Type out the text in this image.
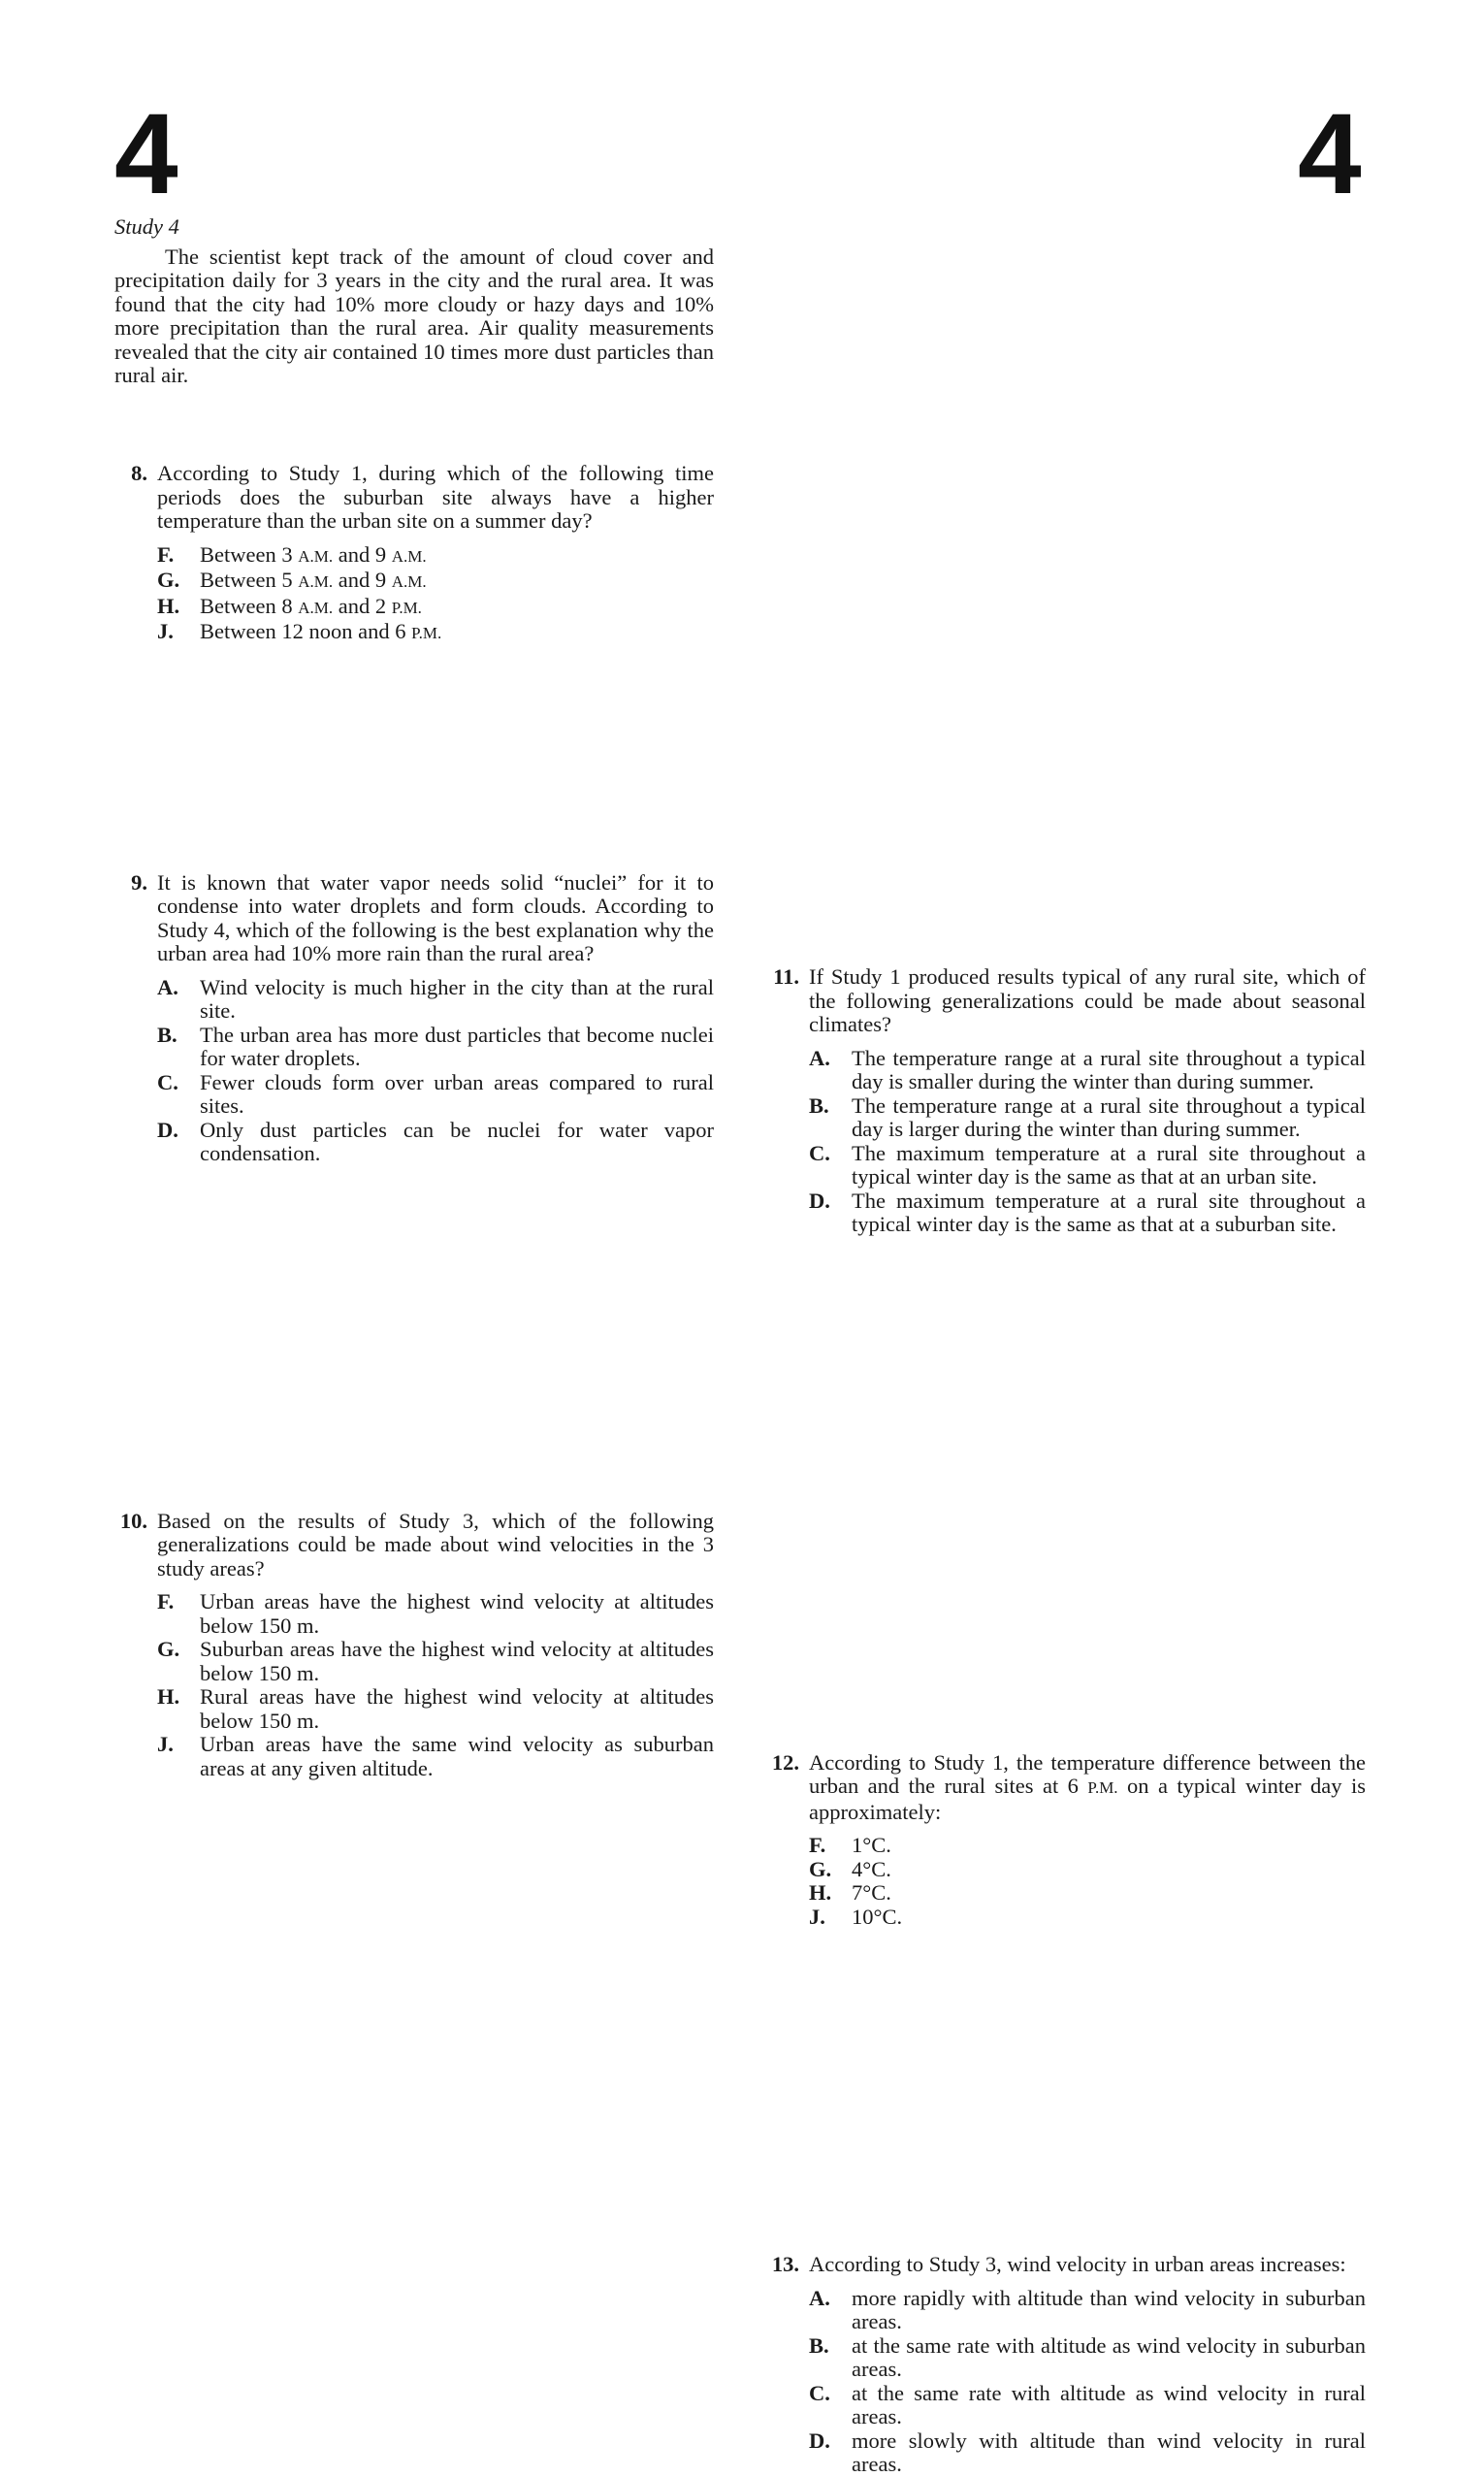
4	4
Study 4

The scientist kept track of the amount of cloud cover and precipitation daily for 3 years in the city and the rural area. It was found that the city had 10% more cloudy or hazy days and 10% more precipitation than the rural area. Air quality measurements revealed that the city air contained 10 times more dust particles than rural air.

8. According to Study 1, during which of the following time periods does the suburban site always have a higher temperature than the urban site on a summer day?

F. Between 3 A.M. and 9 A.M.
G. Between 5 A.M. and 9 A.M.
H. Between 8 A.M. and 2 P.M.
J. Between 12 noon and 6 P.M.
9. It is known that water vapor needs solid “nuclei” for it to condense into water droplets and form clouds. According to Study 4, which of the following is the best explanation why the urban area had 10% more rain than the rural area?

A. Wind velocity is much higher in the city than at the rural site.
B. The urban area has more dust particles that become nuclei for water droplets.
C. Fewer clouds form over urban areas compared to rural sites.
D. Only dust particles can be nuclei for water vapor condensation.
10. Based on the results of Study 3, which of the following generalizations could be made about wind velocities in the 3 study areas?

F. Urban areas have the highest wind velocity at altitudes below 150 m.
G. Suburban areas have the highest wind velocity at altitudes below 150 m.
H. Rural areas have the highest wind velocity at altitudes below 150 m.
J. Urban areas have the same wind velocity as suburban areas at any given altitude.
11. If Study 1 produced results typical of any rural site, which of the following generalizations could be made about seasonal climates?

A. The temperature range at a rural site throughout a typical day is smaller during the winter than during summer.
B. The temperature range at a rural site throughout a typical day is larger during the winter than during summer.
C. The maximum temperature at a rural site throughout a typical winter day is the same as that at an urban site.
D. The maximum temperature at a rural site throughout a typical winter day is the same as that at a suburban site.
12. According to Study 1, the temperature difference between the urban and the rural sites at 6 P.M. on a typical winter day is approximately:

F. 1°C.
G. 4°C.
H. 7°C.
J. 10°C.
13. According to Study 3, wind velocity in urban areas increases:

A. more rapidly with altitude than wind velocity in suburban areas.
B. at the same rate with altitude as wind velocity in suburban areas.
C. at the same rate with altitude as wind velocity in rural areas.
D. more slowly with altitude than wind velocity in rural areas.
